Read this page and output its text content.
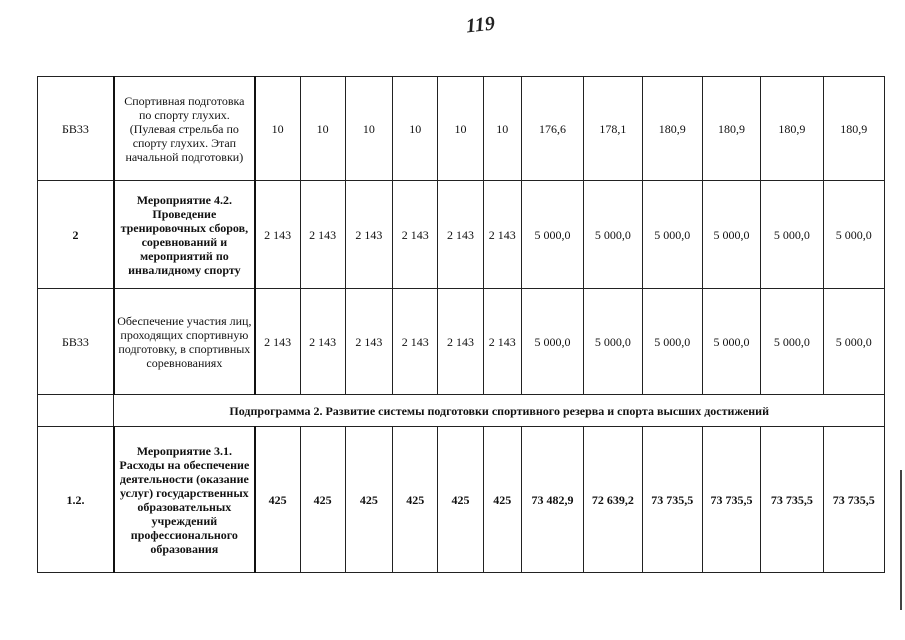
119
БВ33	Спортивная подготовка по спорту глухих. (Пулевая стрельба по спорту глухих. Этап начальной подготовки)	10	10	10	10	10	10	176,6	178,1	180,9	180,9	180,9	180,9
2	Мероприятие 4.2. Проведение тренировочных сборов, соревнований и мероприятий по инвалидному спорту	2 143	2 143	2 143	2 143	2 143	2 143	5 000,0	5 000,0	5 000,0	5 000,0	5 000,0	5 000,0
БВ33	Обеспечение участия лиц, проходящих спортивную подготовку, в спортивных соревнованиях	2 143	2 143	2 143	2 143	2 143	2 143	5 000,0	5 000,0	5 000,0	5 000,0	5 000,0	5 000,0
	Подпрограмма 2. Развитие системы подготовки спортивного резерва и спорта высших достижений												
1.2.	Мероприятие 3.1. Расходы на обеспечение деятельности (оказание услуг) государственных образовательных учреждений профессионального образования	425	425	425	425	425	425	73 482,9	72 639,2	73 735,5	73 735,5	73 735,5	73 735,5
